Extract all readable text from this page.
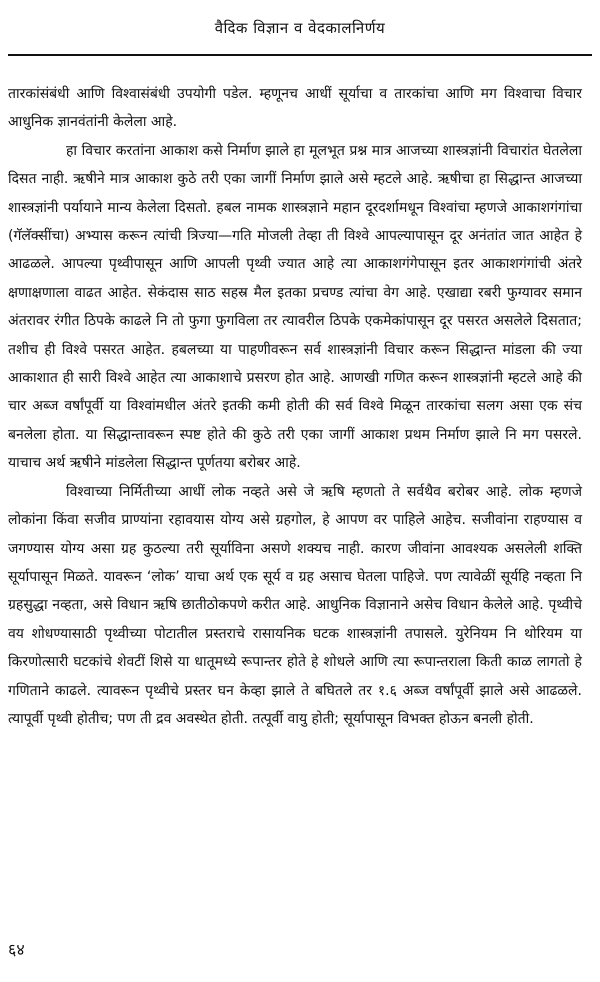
वैदिक विज्ञान व वेदकालनिर्णय

तारकांसंबंधी आणि विश्वासंबंधी उपयोगी पडेल. म्हणूनच आधीं सूर्याचा व तारकांचा आणि मग विश्वाचा विचार आधुनिक ज्ञानवंतांनी केलेला आहे.

हा विचार करतांना आकाश कसे निर्माण झाले हा मूलभूत प्रश्न मात्र आजच्या शास्त्रज्ञांनी विचारांत घेतलेला दिसत नाही. ऋषीने मात्र आकाश कुठे तरी एका जागीं निर्माण झाले असे म्हटले आहे. ऋषीचा हा सिद्धान्त आजच्या शास्त्रज्ञांनी पर्यायाने मान्य केलेला दिसतो. हबल नामक शास्त्रज्ञाने महान दूरदर्शामधून विश्वांचा म्हणजे आकाशगंगांचा (गॅलॅक्सींचा) अभ्यास करून त्यांची त्रिज्या—गति मोजली तेव्हा ती विश्वे आपल्यापासून दूर अनंतांत जात आहेत हे आढळले. आपल्या पृथ्वीपासून आणि आपली पृथ्वी ज्यात आहे त्या आकाशगंगेपासून इतर आकाशगंगांची अंतरे क्षणाक्षणाला वाढत आहेत. सेकंदास साठ सहस्र मैल इतका प्रचण्ड त्यांचा वेग आहे. एखाद्या रबरी फुग्यावर समान अंतरावर रंगीत ठिपके काढले नि तो फुगा फुगविला तर त्यावरील ठिपके एकमेकांपासून दूर पसरत असलेले दिसतात; तशीच ही विश्वे पसरत आहेत. हबलच्या या पाहणीवरून सर्व शास्त्रज्ञांनी विचार करून सिद्धान्त मांडला की ज्या आकाशात ही सारी विश्वे आहेत त्या आकाशाचे प्रसरण होत आहे. आणखी गणित करून शास्त्रज्ञांनी म्हटले आहे की चार अब्ज वर्षांपूर्वी या विश्वांमधील अंतरे इतकी कमी होती की सर्व विश्वे मिळून तारकांचा सलग असा एक संच बनलेला होता. या सिद्धान्तावरून स्पष्ट होते की कुठे तरी एका जागीं आकाश प्रथम निर्माण झाले नि मग पसरले. याचाच अर्थ ऋषीने मांडलेला सिद्धान्त पूर्णतया बरोबर आहे.

विश्वाच्या निर्मितीच्या आधीं लोक नव्हते असे जे ऋषि म्हणतो ते सर्वथैव बरोबर आहे. लोक म्हणजे लोकांना किंवा सजीव प्राण्यांना रहावयास योग्य असे ग्रहगोल, हे आपण वर पाहिले आहेच. सजीवांना राहण्यास व जगण्यास योग्य असा ग्रह कुठल्या तरी सूर्याविना असणे शक्यच नाही. कारण जीवांना आवश्यक असलेली शक्ति सूर्यापासून मिळते. यावरून ‘लोक’ याचा अर्थ एक सूर्य व ग्रह असाच घेतला पाहिजे. पण त्यावेळीं सूर्यहि नव्हता नि ग्रहसुद्धा नव्हता, असे विधान ऋषि छातीठोकपणे करीत आहे. आधुनिक विज्ञानाने असेच विधान केलेले आहे. पृथ्वीचे वय शोधण्यासाठी पृथ्वीच्या पोटातील प्रस्तराचे रासायनिक घटक शास्त्रज्ञांनी तपासले. युरेनियम नि थोरियम या किरणोत्सारी घटकांचे शेवटीं शिसे या धातूमध्ये रूपान्तर होते हे शोधले आणि त्या रूपान्तराला किती काळ लागतो हे गणिताने काढले. त्यावरून पृथ्वीचे प्रस्तर घन केव्हा झाले ते बघितले तर १.६ अब्ज वर्षांपूर्वी झाले असे आढळले. त्यापूर्वी पृथ्वी होतीच; पण ती द्रव अवस्थेत होती. तत्पूर्वी वायु होती; सूर्यापासून विभक्त होऊन बनली होती.

६४
